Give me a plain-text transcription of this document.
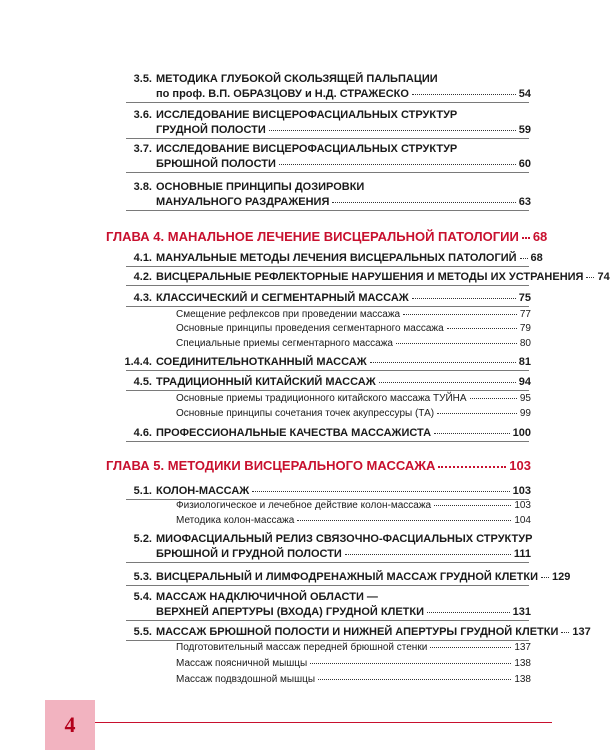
3.5. МЕТОДИКА ГЛУБОКОЙ СКОЛЬЗЯЩЕЙ ПАЛЬПАЦИИ
по проф. В.П. ОБРАЗЦОВУ и Н.Д. СТРАЖЕСКО	54
3.6. ИССЛЕДОВАНИЕ ВИСЦЕРОФАСЦИАЛЬНЫХ СТРУКТУР
ГРУДНОЙ ПОЛОСТИ	59
3.7. ИССЛЕДОВАНИЕ ВИСЦЕРОФАСЦИАЛЬНЫХ СТРУКТУР
БРЮШНОЙ ПОЛОСТИ	60
3.8. ОСНОВНЫЕ ПРИНЦИПЫ ДОЗИРОВКИ
МАНУАЛЬНОГО РАЗДРАЖЕНИЯ	63
ГЛАВА 4. МАНАЛЬНОЕ ЛЕЧЕНИЕ ВИСЦЕРАЛЬНОЙ ПАТОЛОГИИ 68
4.1. МАНУАЛЬНЫЕ МЕТОДЫ ЛЕЧЕНИЯ ВИСЦЕРАЛЬНЫХ ПАТОЛОГИЙ 68
4.2. ВИСЦЕРАЛЬНЫЕ РЕФЛЕКТОРНЫЕ НАРУШЕНИЯ И МЕТОДЫ ИХ УСТРАНЕНИЯ 74
4.3. КЛАССИЧЕСКИЙ И СЕГМЕНТАРНЫЙ МАССАЖ	75
Смещение рефлексов при проведении массажа	77
Основные принципы проведения сегментарного массажа	79
Специальные приемы сегментарного массажа	80
1.4.4. СОЕДИНИТЕЛЬНОТКАННЫЙ МАССАЖ	81
4.5. ТРАДИЦИОННЫЙ КИТАЙСКИЙ МАССАЖ	94
Основные приемы традиционного китайского массажа ТУЙНА	95
Основные принципы сочетания точек акупрессуры (ТА)	99
4.6. ПРОФЕССИОНАЛЬНЫЕ КАЧЕСТВА МАССАЖИСТА	100
ГЛАВА 5. МЕТОДИКИ ВИСЦЕРАЛЬНОГО МАССАЖА	103
5.1. КОЛОН-МАССАЖ	103
Физиологическое и лечебное действие колон-массажа	103
Методика колон-массажа	104
5.2. МИОФАСЦИАЛЬНЫЙ РЕЛИЗ СВЯЗОЧНО-ФАСЦИАЛЬНЫХ СТРУКТУР
БРЮШНОЙ И ГРУДНОЙ ПОЛОСТИ	111
5.3. ВИСЦЕРАЛЬНЫЙ И ЛИМФОДРЕНАЖНЫЙ МАССАЖ ГРУДНОЙ КЛЕТКИ 129
5.4. МАССАЖ НАДКЛЮЧИЧНОЙ ОБЛАСТИ —
ВЕРХНЕЙ АПЕРТУРЫ (ВХОДА) ГРУДНОЙ КЛЕТКИ	131
5.5. МАССАЖ БРЮШНОЙ ПОЛОСТИ И НИЖНЕЙ АПЕРТУРЫ ГРУДНОЙ КЛЕТКИ 137
Подготовительный массаж передней брюшной стенки	137
Массаж поясничной мышцы	138
Массаж подвздошной мышцы	138
4
